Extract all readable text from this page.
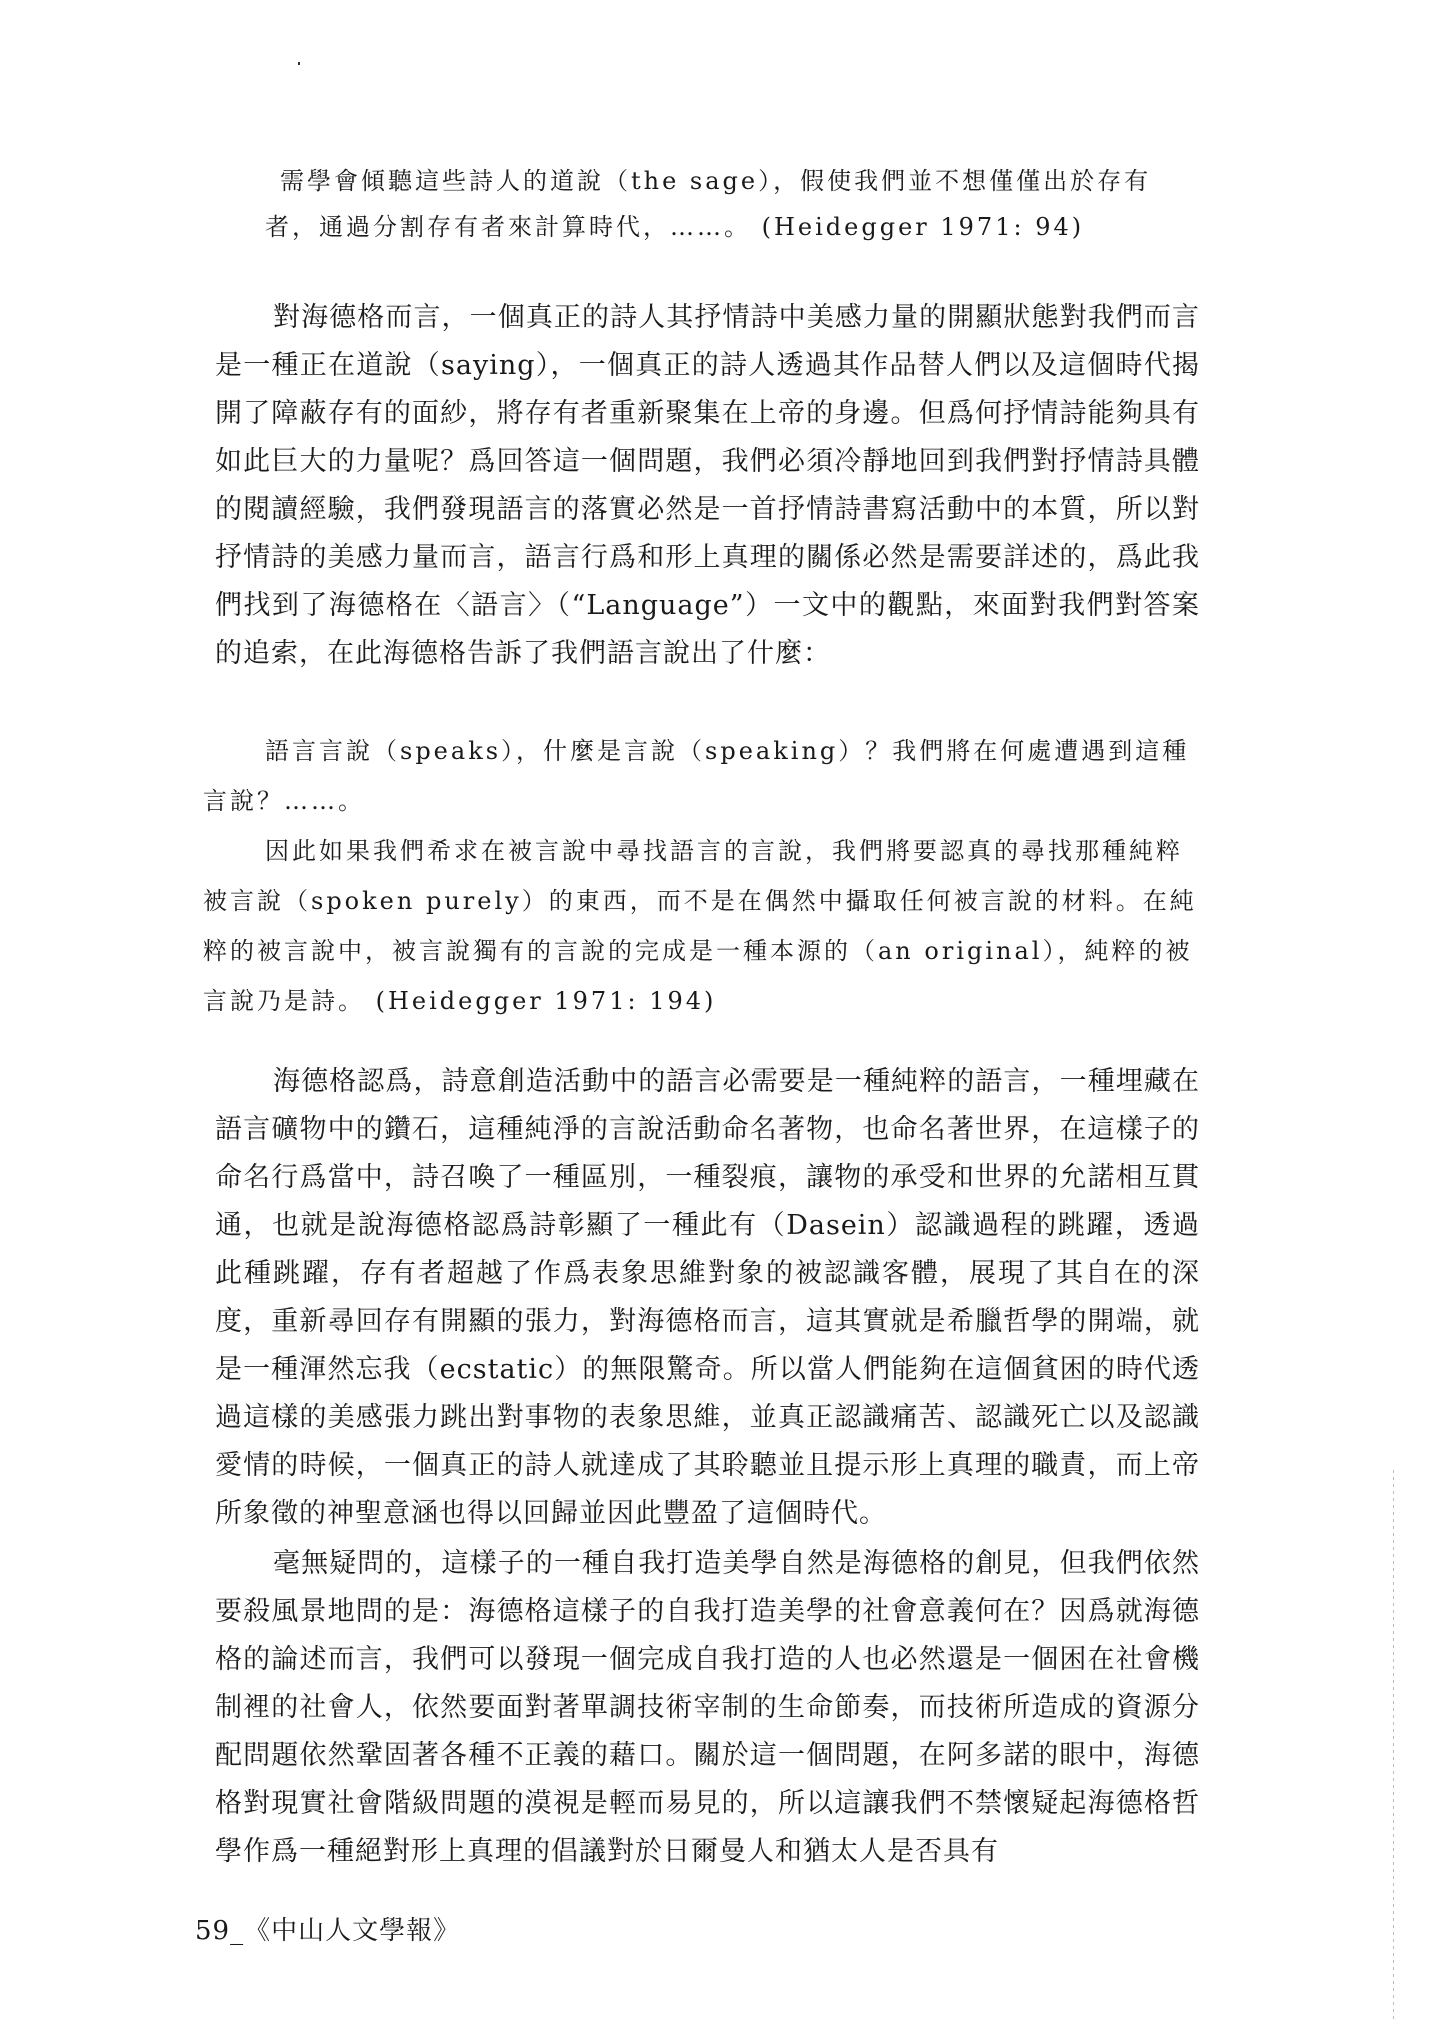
需學會傾聽這些詩人的道說（the sage），假使我們並不想僅僅出於存有者，通過分割存有者來計算時代，……。 (Heidegger 1971: 94)

對海德格而言，一個真正的詩人其抒情詩中美感力量的開顯狀態對我們而言是一種正在道說（saying），一個真正的詩人透過其作品替人們以及這個時代揭開了障蔽存有的面紗，將存有者重新聚集在上帝的身邊。但爲何抒情詩能夠具有如此巨大的力量呢？爲回答這一個問題，我們必須冷靜地回到我們對抒情詩具體的閱讀經驗，我們發現語言的落實必然是一首抒情詩書寫活動中的本質，所以對抒情詩的美感力量而言，語言行爲和形上真理的關係必然是需要詳述的，爲此我們找到了海德格在〈語言〉（“Language”）一文中的觀點，來面對我們對答案的追索，在此海德格告訴了我們語言說出了什麼：

語言言說（speaks），什麼是言說（speaking）？我們將在何處遭遇到這種言說？……。

因此如果我們希求在被言說中尋找語言的言說，我們將要認真的尋找那種純粹被言說（spoken purely）的東西，而不是在偶然中攝取任何被言說的材料。在純粹的被言說中，被言說獨有的言說的完成是一種本源的（an original），純粹的被言說乃是詩。 (Heidegger 1971: 194)

海德格認爲，詩意創造活動中的語言必需要是一種純粹的語言，一種埋藏在語言礦物中的鑽石，這種純淨的言說活動命名著物，也命名著世界，在這樣子的命名行爲當中，詩召喚了一種區別，一種裂痕，讓物的承受和世界的允諾相互貫通，也就是說海德格認爲詩彰顯了一種此有（Dasein）認識過程的跳躍，透過此種跳躍，存有者超越了作爲表象思維對象的被認識客體，展現了其自在的深度，重新尋回存有開顯的張力，對海德格而言，這其實就是希臘哲學的開端，就是一種渾然忘我（ecstatic）的無限驚奇。所以當人們能夠在這個貧困的時代透過這樣的美感張力跳出對事物的表象思維，並真正認識痛苦、認識死亡以及認識愛情的時候，一個真正的詩人就達成了其聆聽並且提示形上真理的職責，而上帝所象徵的神聖意涵也得以回歸並因此豐盈了這個時代。

毫無疑問的，這樣子的一種自我打造美學自然是海德格的創見，但我們依然要殺風景地問的是：海德格這樣子的自我打造美學的社會意義何在？因爲就海德格的論述而言，我們可以發現一個完成自我打造的人也必然還是一個困在社會機制裡的社會人，依然要面對著單調技術宰制的生命節奏，而技術所造成的資源分配問題依然鞏固著各種不正義的藉口。關於這一個問題，在阿多諾的眼中，海德格對現實社會階級問題的漠視是輕而易見的，所以這讓我們不禁懷疑起海德格哲學作爲一種絕對形上真理的倡議對於日爾曼人和猶太人是否具有

59_《中山人文學報》
